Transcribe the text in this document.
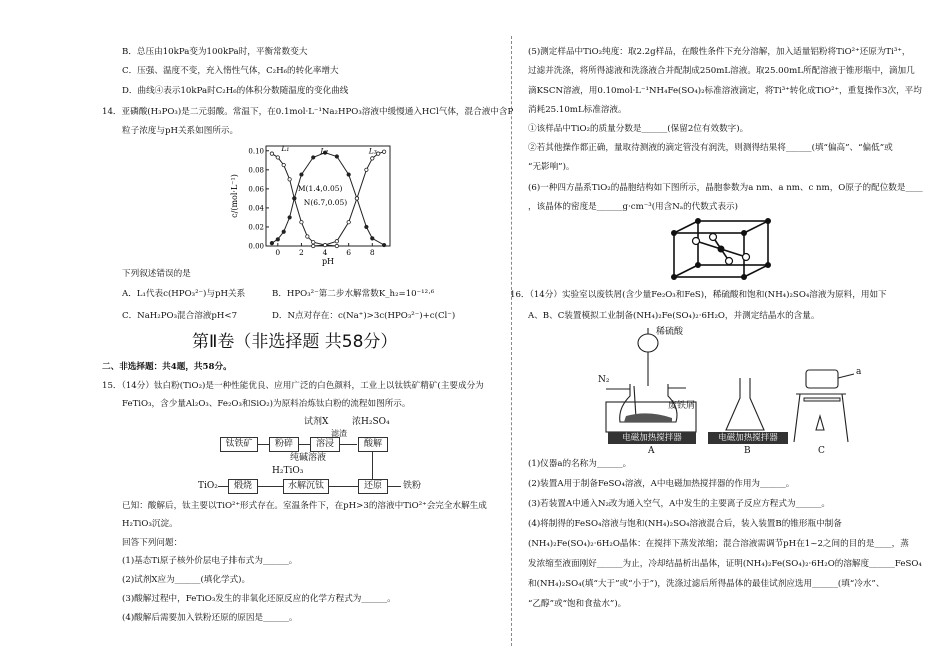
B．总压由10kPa变为100kPa时，平衡常数变大
C．压强、温度不变，充入惰性气体，C₂H₆的转化率增大
D．曲线④表示10kPa时C₂H₆的体积分数随温度的变化曲线
14．亚磷酸(H₃PO₃)是二元弱酸。常温下，在0.1mol·L⁻¹Na₂HPO₃溶液中缓慢通入HCl气体，混合液中含P
粒子浓度与pH关系如图所示。
0	2	4	6	8
0.00
0.02
0.04
0.06
0.08
0.10
pH
c/(mol·L⁻¹)
L₁	L₂	L₃
M(1.4,0.05)
N(6.7,0.05)
下列叙述错误的是
A．L₁代表c(HPO₃²⁻)与pH关系	B．HPO₃²⁻第二步水解常数K_h₂=10⁻¹²·⁶
C．NaH₂PO₃混合溶液pH<7	D．N点对存在：c(Na⁺)>3c(HPO₃²⁻)+c(Cl⁻)
第Ⅱ卷（非选择题 共58分）
二、非选择题：共4题，共58分。
15．（14分）钛白粉(TiO₂)是一种性能优良、应用广泛的白色颜料，工业上以钛铁矿精矿(主要成分为
FeTiO₃，含少量Al₂O₃、Fe₂O₃和SiO₂)为原料冶炼钛白粉的流程如图所示。
试剂X	浓H₂SO₄
钛铁矿	粉碎	溶浸
滤渣
酸解
纯碱溶液
H₂TiO₃
TiO₂	煅烧	水解沉钛	还原	铁粉
已知：酸解后，钛主要以TiO²⁺形式存在。室温条件下，在pH>3的溶液中TiO²⁺会完全水解生成
H₂TiO₃沉淀。
回答下列问题：
(1)基态Ti原子核外价层电子排布式为______。
(2)试剂X应为______(填化学式)。
(3)酸解过程中，FeTiO₃发生的非氧化还原反应的化学方程式为______。
(4)酸解后需要加入铁粉还原的原因是______。
(5)测定样品中TiO₂纯度：取2.2g样品，在酸性条件下充分溶解，加入适量铝粉将TiO²⁺还原为Ti³⁺，
过滤并洗涤，将所得滤液和洗涤液合并配制成250mL溶液。取25.00mL所配溶液于锥形瓶中，滴加几
滴KSCN溶液，用0.10mol·L⁻¹NH₄Fe(SO₄)₂标准溶液滴定，将Ti³⁺转化成TiO²⁺，重复操作3次，平均
消耗25.10mL标准溶液。
①该样品中TiO₂的质量分数是______(保留2位有效数字)。
②若其他操作都正确，量取待测液的滴定管没有润洗，则测得结果将______(填“偏高”、“偏低”或
“无影响”)。
(6)一种四方晶系TiO₂的晶胞结构如下图所示，晶胞参数为a nm、a nm、c nm，O原子的配位数是____
，该晶体的密度是______g·cm⁻³(用含Nₐ的代数式表示)
16．（14分）实验室以废铁屑(含少量Fe₂O₃和FeS)，稀硫酸和饱和(NH₄)₂SO₄溶液为原料，用如下
A、B、C装置模拟工业制备(NH₄)₂Fe(SO₄)₂·6H₂O，并测定结晶水的含量。
稀硫酸
N₂
废铁屑
a
电磁加热搅拌器	电磁加热搅拌器
A	B	C
(1)仪器a的名称为______。
(2)装置A用于制备FeSO₄溶液，A中电磁加热搅拌器的作用为______。
(3)若装置A中通入N₂改为通入空气，A中发生的主要离子反应方程式为______。
(4)将制得的FeSO₄溶液与饱和(NH₄)₂SO₄溶液混合后，装入装置B的锥形瓶中制备
(NH₄)₂Fe(SO₄)₂·6H₂O晶体：在搅拌下蒸发浓缩；混合溶液需调节pH在1~2之间的目的是____，蒸
发浓缩至液面刚好______为止，冷却结晶析出晶体，证明(NH₄)₂Fe(SO₄)₂·6H₂O的溶解度______FeSO₄
和(NH₄)₂SO₄(填“大于”或“小于”)，洗涤过滤后所得晶体的最佳试剂应选用______(填“冷水”、
“乙醇”或“饱和食盐水”)。
